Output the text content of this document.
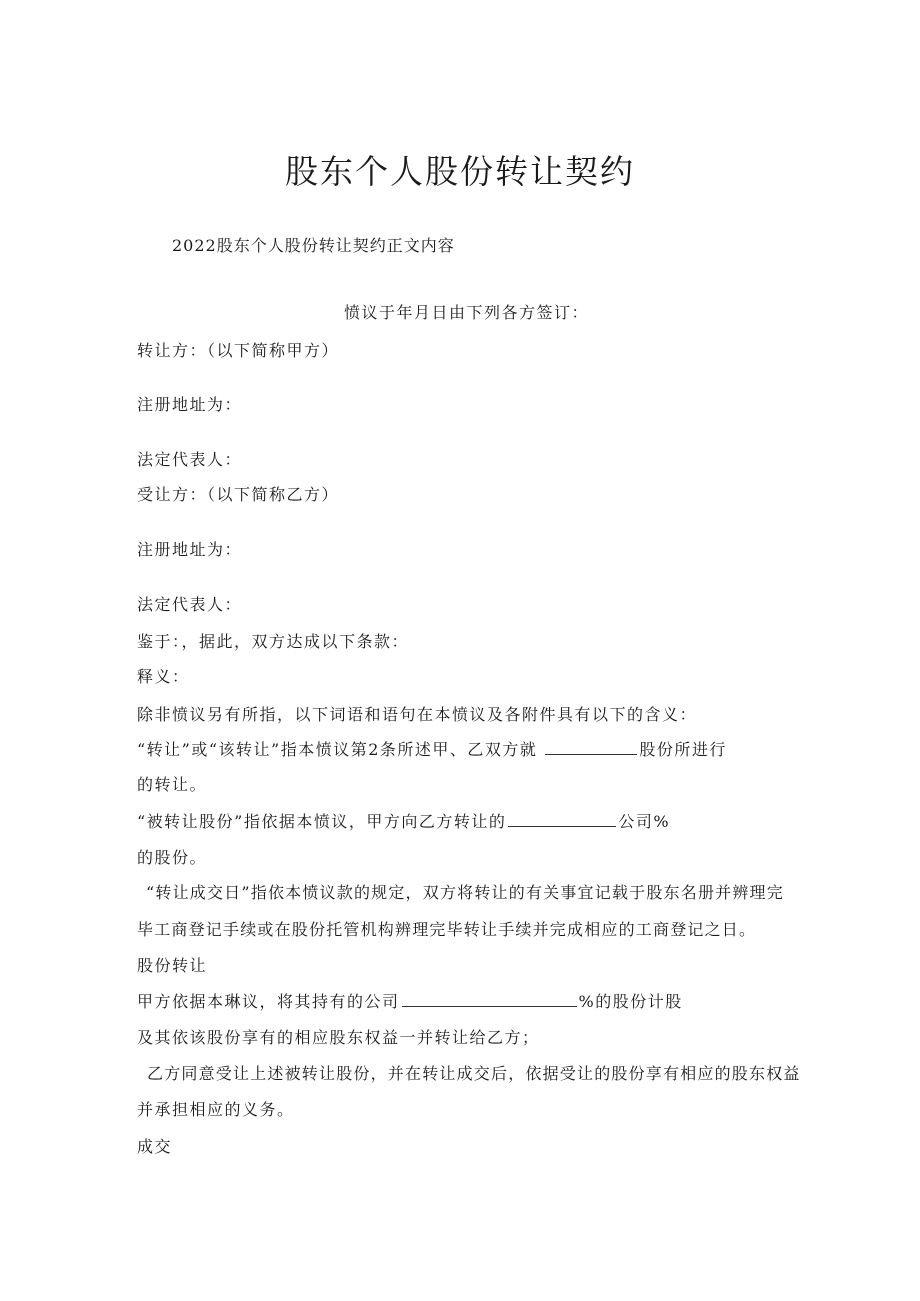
股东个人股份转让契约
2022股东个人股份转让契约正文内容
愤议于年月日由下列各方签订：
转让方：（以下简称甲方）
注册地址为：
法定代表人：
受让方：（以下简称乙方）
注册地址为：
法定代表人：
鉴于：，据此，双方达成以下条款：
释义：
除非愤议另有所指，以下词语和语句在本愤议及各附件具有以下的含义：
“转让”或“该转让”指本愤议第2条所述甲、乙双方就	股份所进行
的转让。
“被转让股份”指依据本愤议，甲方向乙方转让的	公司%
的股份。
“转让成交日”指依本愤议款的规定，双方将转让的有关事宜记载于股东名册并辨理完
毕工商登记手续或在股份托管机构辨理完毕转让手续并完成相应的工商登记之日。
股份转让
甲方依据本琳议，将其持有的公司	%的股份计股
及其依该股份享有的相应股东权益一并转让给乙方；
乙方同意受让上述被转让股份，并在转让成交后，依据受让的股份享有相应的股东权益
并承担相应的义务。
成交
